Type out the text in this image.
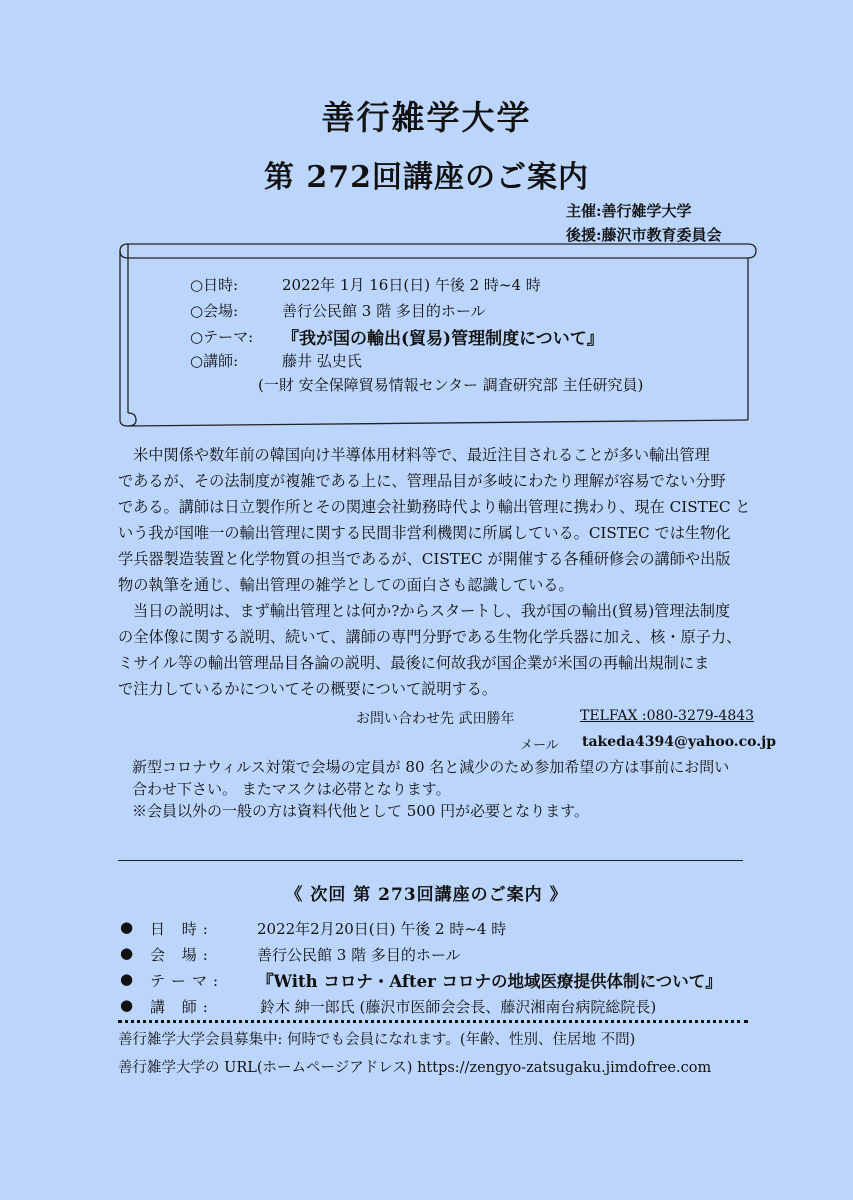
善行雑学大学
第 272回講座のご案内
主催:善行雑学大学
後援:藤沢市教育委員会
○日時:	2022年 1月 16日(日) 午後 2 時~4 時
○会場:	善行公民館 3 階 多目的ホール
○テーマ: 『我が国の輸出(貿易)管理制度について』
○講師:	藤井 弘史氏
(一財 安全保障貿易情報センター 調査研究部 主任研究員)
米中関係や数年前の韓国向け半導体用材料等で、最近注目されることが多い輸出管理
であるが、その法制度が複雑である上に、管理品目が多岐にわたり理解が容易でない分野
である。講師は日立製作所とその関連会社勤務時代より輸出管理に携わり、現在 CISTEC と
いう我が国唯一の輸出管理に関する民間非営利機関に所属している。CISTEC では生物化
学兵器製造装置と化学物質の担当であるが、CISTEC が開催する各種研修会の講師や出版
物の執筆を通じ、輸出管理の雑学としての面白さも認識している。
当日の説明は、まず輸出管理とは何か?からスタートし、我が国の輸出(貿易)管理法制度
の全体像に関する説明、続いて、講師の専門分野である生物化学兵器に加え、核・原子力、
ミサイル等の輸出管理品目各論の説明、最後に何故我が国企業が米国の再輸出規制にま
で注力しているかについてその概要について説明する。
お問い合わせ先 武田勝年	TELFAX :080-3279-4843
メール takeda4394@yahoo.co.jp
新型コロナウィルス対策で会場の定員が 80 名と減少のため参加希望の方は事前にお問い
合わせ下さい。 またマスクは必帯となります。
※会員以外の一般の方は資料代他として 500 円が必要となります。
《 次回 第 273回講座のご案内 》
● 日 時:	2022年2月20日(日) 午後 2 時~4 時
● 会 場:	善行公民館 3 階 多目的ホール
● テーマ: 『With コロナ・After コロナの地域医療提供体制について』
● 講 師:	鈴木 紳一郎氏 (藤沢市医師会会長、藤沢湘南台病院総院長)
善行雑学大学会員募集中: 何時でも会員になれます。(年齢、性別、住居地 不問)
善行雑学大学の URL(ホームページアドレス) https://zengyo-zatsugaku.jimdofree.com
